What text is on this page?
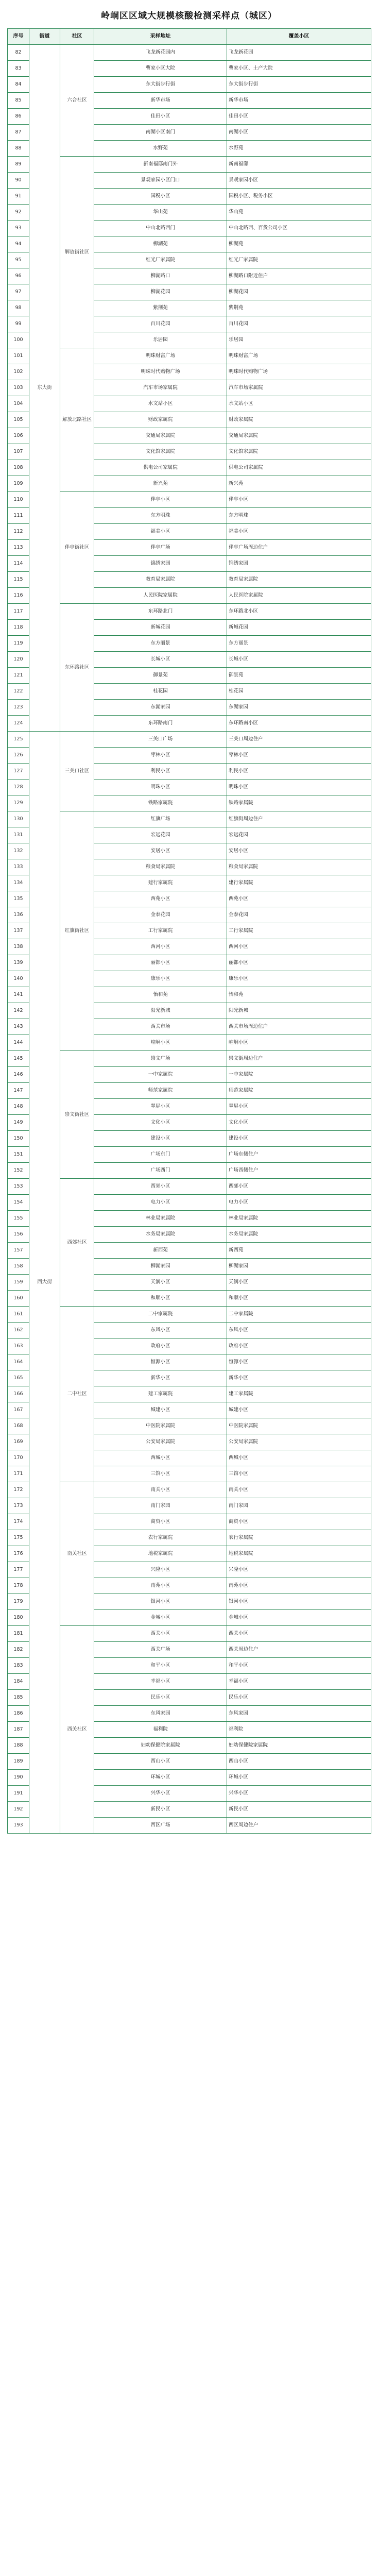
岭峒区区域大规模核酸检测采样点（城区）
序号	街道	社区	采样地址	覆盖小区
82	东大街	六合社区	飞龙新花园内	飞龙新花园
83			曹家小区大院	曹家小区、土产大院
84			东大街步行街	东大街步行街
85			新华市场	新华市场
86			佳田小区	佳田小区
87			南湖小区南门	南湖小区
88			水野苑	水野苑
89		解放街社区	新南福邸南门外	新南福邸
90			景观家园小区门口	景观家园小区
91			国税小区	国税小区、税务小区
92			华山苑	华山苑
93			中山北路西门	中山北路西、百货公司小区
94			柳湖苑	柳湖苑
95			红光厂家属院	红光厂家属院
96			柳湖路口	柳湖路口附近住户
97			柳湖花园	柳湖花园
98			紫荆苑	紫荆苑
99			百川花园	百川花园
100			乐居园	乐居园
101		解放北路社区	明珠财富广场	明珠财富广场
102			明珠时代购物广场	明珠时代购物广场
103			汽车市场家属院	汽车市场家属院
104			水文站小区	水文站小区
105			财政家属院	财政家属院
106			交通局家属院	交通局家属院
107			文化馆家属院	文化馆家属院
108			供电公司家属院	供电公司家属院
109			新兴苑	新兴苑
110		伴亭街社区	伴亭小区	伴亭小区
111			东方明珠	东方明珠
112			福美小区	福美小区
113			伴亭广场	伴亭广场周边住户
114			锦绣家园	锦绣家园
115			教育局家属院	教育局家属院
116			人民医院家属院	人民医院家属院
117		东环路社区	东环路北门	东环路北小区
118			新城花园	新城花园
119			东方丽景	东方丽景
120			长城小区	长城小区
121			御景苑	御景苑
122			桂花园	桂花园
123			东湖家园	东湖家园
124			东环路南门	东环路南小区
125	西大街	三关口社区	三关口广场	三关口周边住户
126			枣林小区	枣林小区
127			利民小区	利民小区
128			明珠小区	明珠小区
129			铁路家属院	铁路家属院
130		红旗街社区	红旗广场	红旗街周边住户
131			宏远花园	宏远花园
132			安居小区	安居小区
133			粮食局家属院	粮食局家属院
134			建行家属院	建行家属院
135			西苑小区	西苑小区
136			金泰花园	金泰花园
137			工行家属院	工行家属院
138			西河小区	西河小区
139			丽都小区	丽都小区
140			康乐小区	康乐小区
141			怡和苑	怡和苑
142			阳光新城	阳光新城
143			西关市场	西关市场周边住户
144			崆峒小区	崆峒小区
145		崇文街社区	崇文广场	崇文街周边住户
146			一中家属院	一中家属院
147			师范家属院	师范家属院
148			翠屏小区	翠屏小区
149			文化小区	文化小区
150			建设小区	建设小区
151			广场东门	广场东侧住户
152			广场西门	广场西侧住户
153		西郊社区	西郊小区	西郊小区
154			电力小区	电力小区
155			林业局家属院	林业局家属院
156			水务局家属院	水务局家属院
157			新西苑	新西苑
158			柳湖家园	柳湖家园
159			天润小区	天润小区
160			和顺小区	和顺小区
161		二中社区	二中家属院	二中家属院
162			东风小区	东风小区
163			政府小区	政府小区
164			恒源小区	恒源小区
165			新华小区	新华小区
166			建工家属院	建工家属院
167			城建小区	城建小区
168			中医院家属院	中医院家属院
169			公安局家属院	公安局家属院
170			西城小区	西城小区
171			三馆小区	三馆小区
172		南关社区	南关小区	南关小区
173			南门家园	南门家园
174			商贸小区	商贸小区
175			农行家属院	农行家属院
176			地税家属院	地税家属院
177			兴隆小区	兴隆小区
178			南苑小区	南苑小区
179			银河小区	银河小区
180			金城小区	金城小区
181		西关社区	西关小区	西关小区
182			西关广场	西关周边住户
183			和平小区	和平小区
184			幸福小区	幸福小区
185			民乐小区	民乐小区
186			东风家园	东风家园
187			福利院	福利院
188			妇幼保健院家属院	妇幼保健院家属院
189			西山小区	西山小区
190			环城小区	环城小区
191			兴华小区	兴华小区
192			新民小区	新民小区
193			西区广场	西区周边住户
